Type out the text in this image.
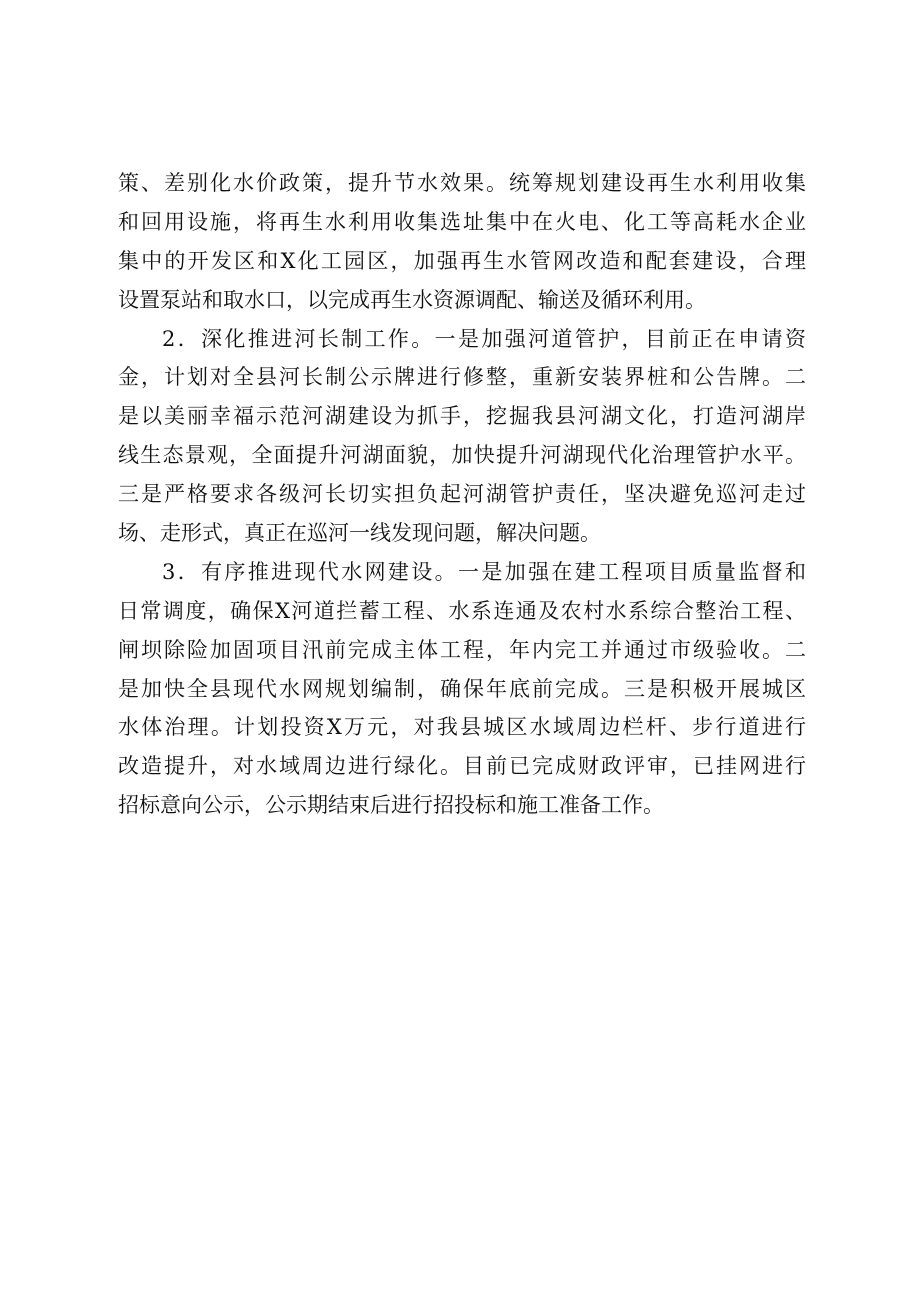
策、差别化水价政策，提升节水效果。统筹规划建设再生水利用收集
和回用设施，将再生水利用收集选址集中在火电、化工等高耗水企业
集中的开发区和X化工园区，加强再生水管网改造和配套建设，合理
设置泵站和取水口，以完成再生水资源调配、输送及循环利用。
2．深化推进河长制工作。一是加强河道管护，目前正在申请资
金，计划对全县河长制公示牌进行修整，重新安装界桩和公告牌。二
是以美丽幸福示范河湖建设为抓手，挖掘我县河湖文化，打造河湖岸
线生态景观，全面提升河湖面貌，加快提升河湖现代化治理管护水平。
三是严格要求各级河长切实担负起河湖管护责任，坚决避免巡河走过
场、走形式，真正在巡河一线发现问题，解决问题。
3．有序推进现代水网建设。一是加强在建工程项目质量监督和
日常调度，确保X河道拦蓄工程、水系连通及农村水系综合整治工程、
闸坝除险加固项目汛前完成主体工程，年内完工并通过市级验收。二
是加快全县现代水网规划编制，确保年底前完成。三是积极开展城区
水体治理。计划投资X万元，对我县城区水域周边栏杆、步行道进行
改造提升，对水域周边进行绿化。目前已完成财政评审，已挂网进行
招标意向公示，公示期结束后进行招投标和施工准备工作。
